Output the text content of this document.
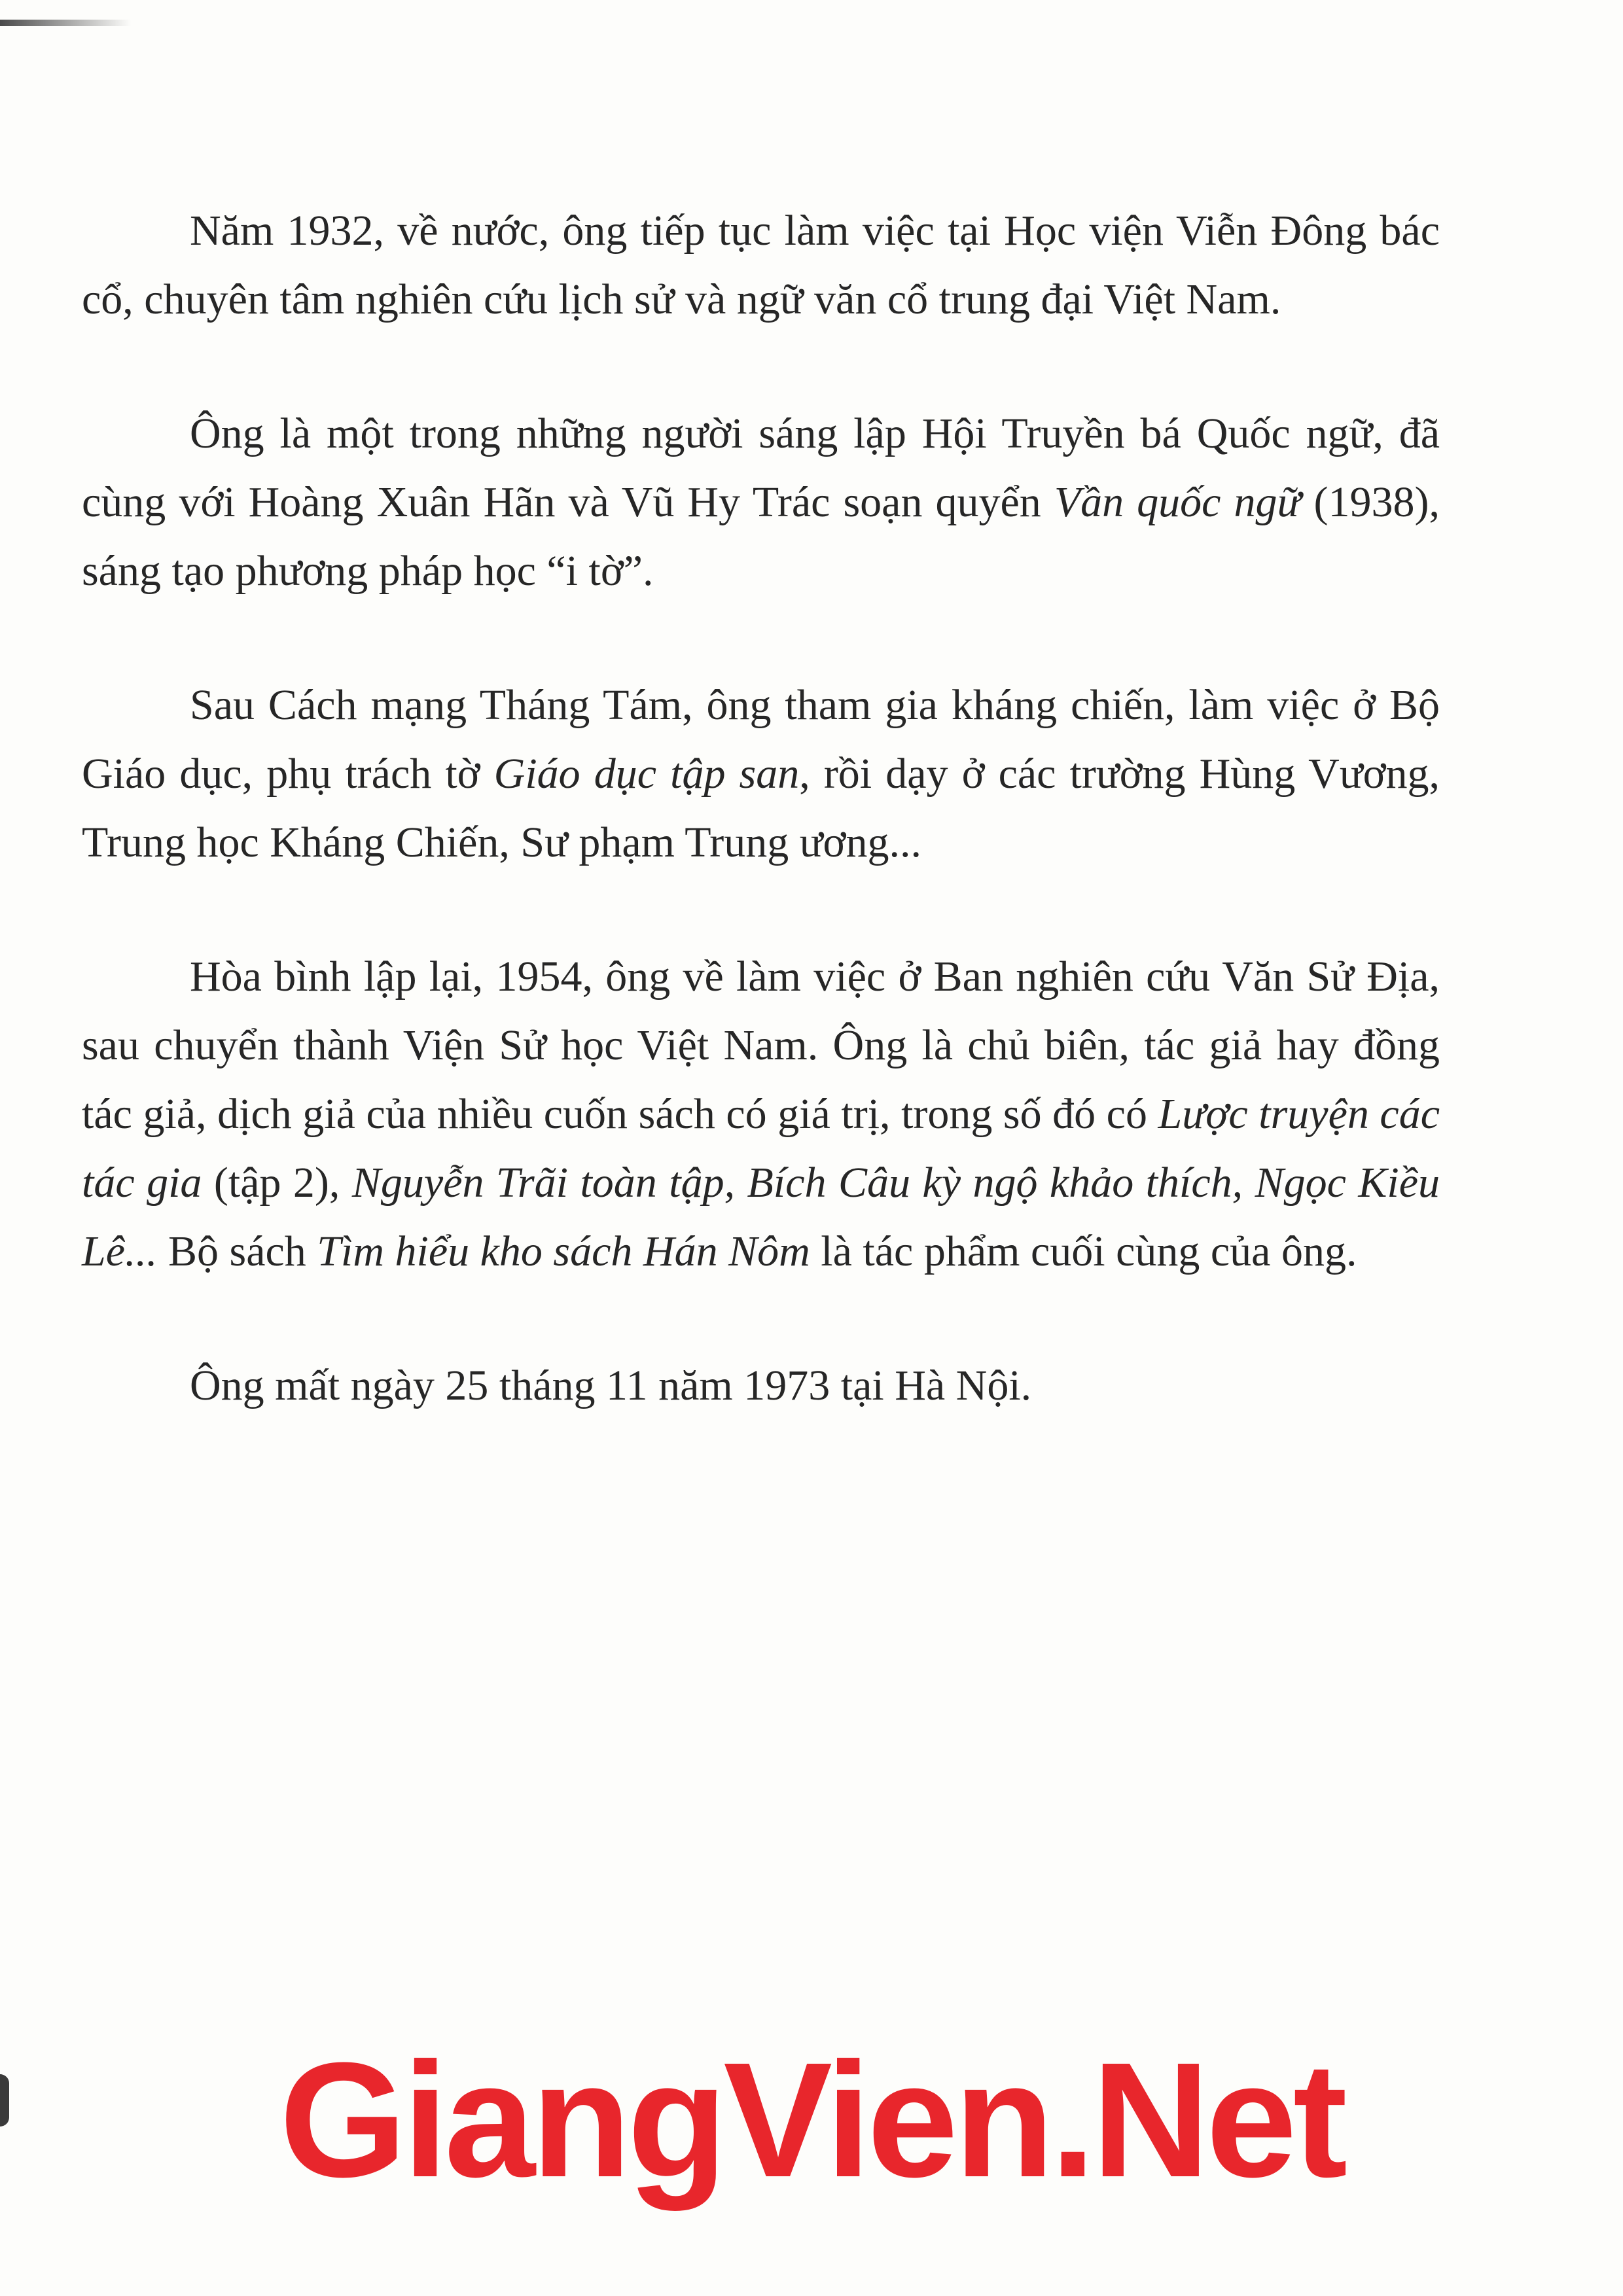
Năm 1932, về nước, ông tiếp tục làm việc tại Học viện Viễn Đông bác cổ, chuyên tâm nghiên cứu lịch sử và ngữ văn cổ trung đại Việt Nam.

Ông là một trong những người sáng lập Hội Truyền bá Quốc ngữ, đã cùng với Hoàng Xuân Hãn và Vũ Hy Trác soạn quyển Vần quốc ngữ (1938), sáng tạo phương pháp học “i tờ”.

Sau Cách mạng Tháng Tám, ông tham gia kháng chiến, làm việc ở Bộ Giáo dục, phụ trách tờ Giáo dục tập san, rồi dạy ở các trường Hùng Vương, Trung học Kháng Chiến, Sư phạm Trung ương...

Hòa bình lập lại, 1954, ông về làm việc ở Ban nghiên cứu Văn Sử Địa, sau chuyển thành Viện Sử học Việt Nam. Ông là chủ biên, tác giả hay đồng tác giả, dịch giả của nhiều cuốn sách có giá trị, trong số đó có Lược truyện các tác gia (tập 2), Nguyễn Trãi toàn tập, Bích Câu kỳ ngộ khảo thích, Ngọc Kiều Lê... Bộ sách Tìm hiểu kho sách Hán Nôm là tác phẩm cuối cùng của ông.

Ông mất ngày 25 tháng 11 năm 1973 tại Hà Nội.

GiangVien.Net
